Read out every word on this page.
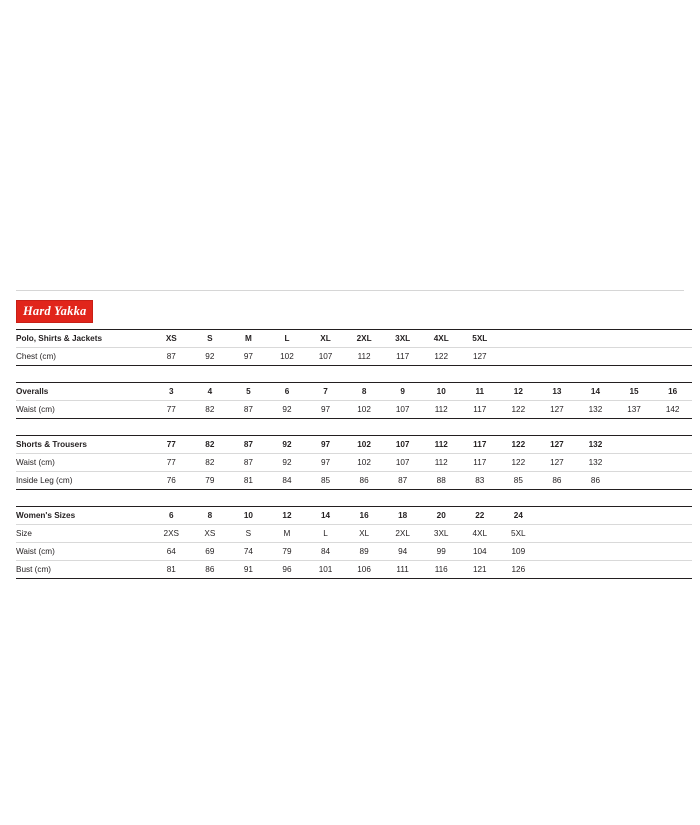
Hard Yakka
Polo, Shirts & Jackets	XS	S	M	L	XL	2XL	3XL	4XL	5XL					
Chest (cm)	87	92	97	102	107	112	117	122	127					

Overalls	3	4	5	6	7	8	9	10	11	12	13	14	15	16
Waist (cm)	77	82	87	92	97	102	107	112	117	122	127	132	137	142

Shorts & Trousers	77	82	87	92	97	102	107	112	117	122	127	132		
Waist (cm)	77	82	87	92	97	102	107	112	117	122	127	132		
Inside Leg (cm)	76	79	81	84	85	86	87	88	83	85	86	86		

Women's Sizes	6	8	10	12	14	16	18	20	22	24				
Size	2XS	XS	S	M	L	XL	2XL	3XL	4XL	5XL				
Waist (cm)	64	69	74	79	84	89	94	99	104	109				
Bust (cm)	81	86	91	96	101	106	111	116	121	126				
